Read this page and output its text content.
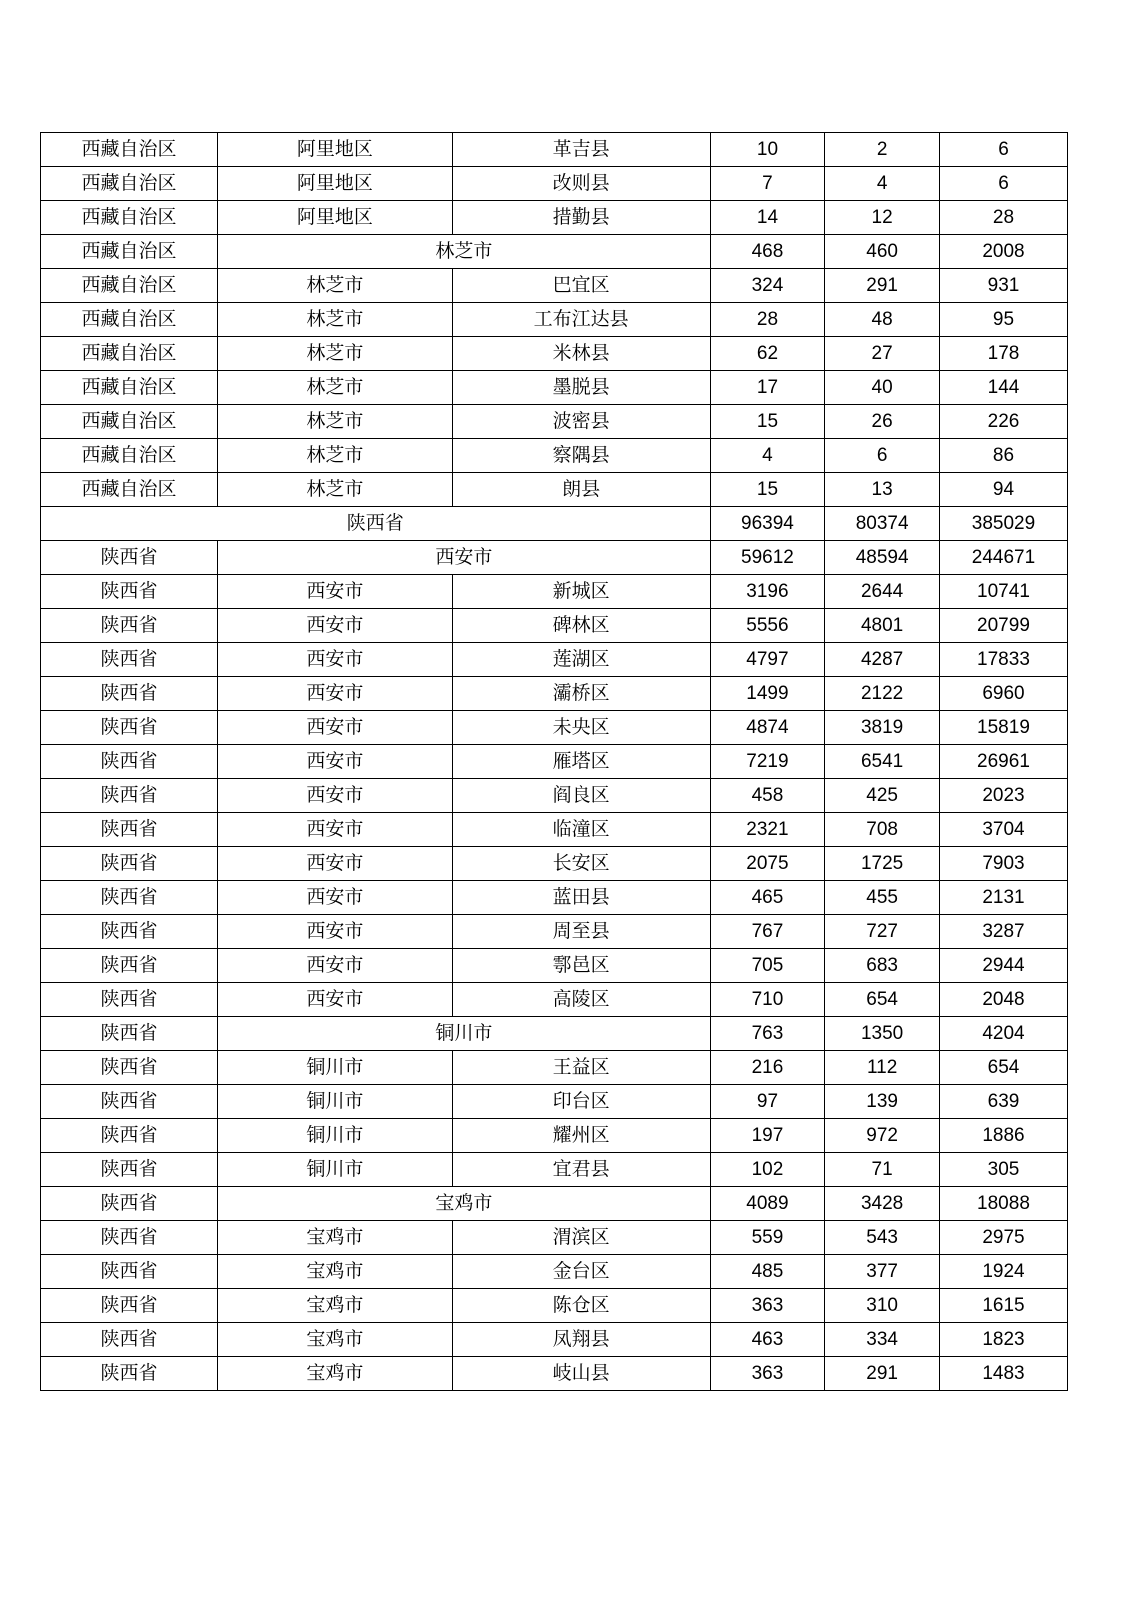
西藏自治区	阿里地区	革吉县	10	2	6
西藏自治区	阿里地区	改则县	7	4	6
西藏自治区	阿里地区	措勤县	14	12	28
西藏自治区	林芝市		468	460	2008
西藏自治区	林芝市	巴宜区	324	291	931
西藏自治区	林芝市	工布江达县	28	48	95
西藏自治区	林芝市	米林县	62	27	178
西藏自治区	林芝市	墨脱县	17	40	144
西藏自治区	林芝市	波密县	15	26	226
西藏自治区	林芝市	察隅县	4	6	86
西藏自治区	林芝市	朗县	15	13	94
陕西省			96394	80374	385029
陕西省	西安市		59612	48594	244671
陕西省	西安市	新城区	3196	2644	10741
陕西省	西安市	碑林区	5556	4801	20799
陕西省	西安市	莲湖区	4797	4287	17833
陕西省	西安市	灞桥区	1499	2122	6960
陕西省	西安市	未央区	4874	3819	15819
陕西省	西安市	雁塔区	7219	6541	26961
陕西省	西安市	阎良区	458	425	2023
陕西省	西安市	临潼区	2321	708	3704
陕西省	西安市	长安区	2075	1725	7903
陕西省	西安市	蓝田县	465	455	2131
陕西省	西安市	周至县	767	727	3287
陕西省	西安市	鄠邑区	705	683	2944
陕西省	西安市	高陵区	710	654	2048
陕西省	铜川市		763	1350	4204
陕西省	铜川市	王益区	216	112	654
陕西省	铜川市	印台区	97	139	639
陕西省	铜川市	耀州区	197	972	1886
陕西省	铜川市	宜君县	102	71	305
陕西省	宝鸡市		4089	3428	18088
陕西省	宝鸡市	渭滨区	559	543	2975
陕西省	宝鸡市	金台区	485	377	1924
陕西省	宝鸡市	陈仓区	363	310	1615
陕西省	宝鸡市	凤翔县	463	334	1823
陕西省	宝鸡市	岐山县	363	291	1483
